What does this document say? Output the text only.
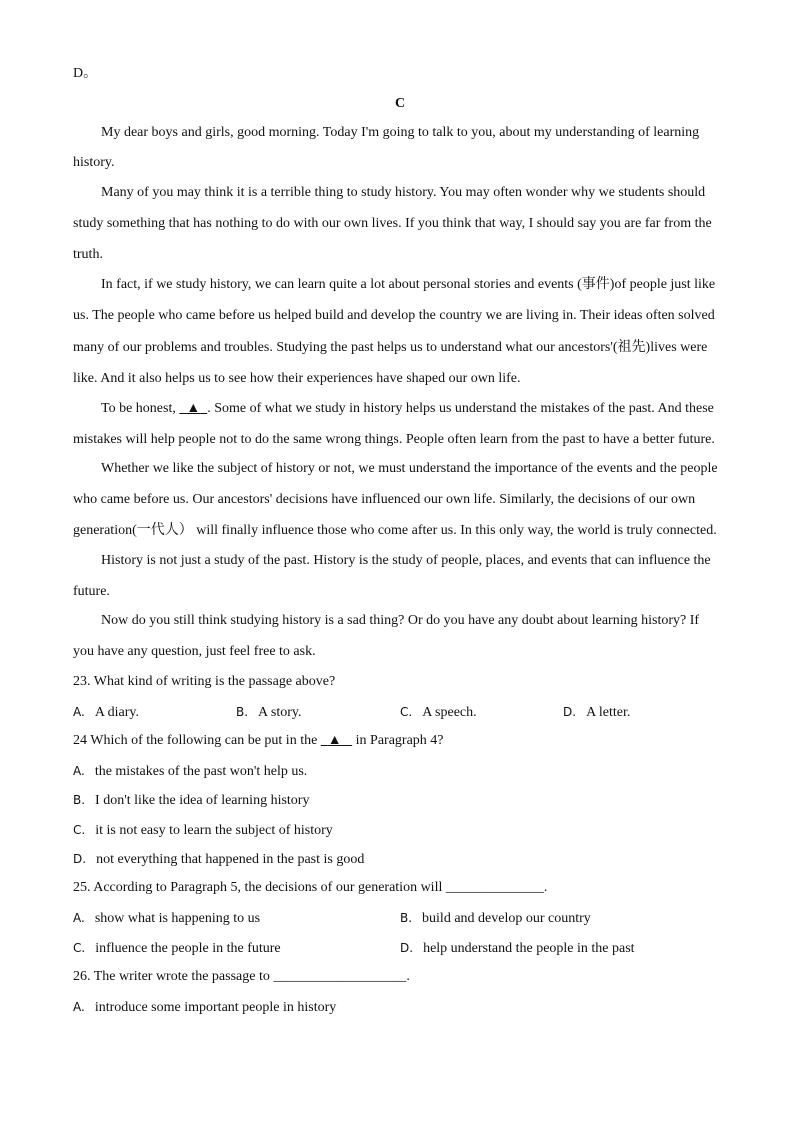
D。
C
My dear boys and girls, good morning. Today I'm going to talk to you, about my understanding of learning
history.
Many of you may think it is a terrible thing to study history. You may often wonder why we students should
study something that has nothing to do with our own lives. If you think that way, I should say you are far from the
truth.
In fact, if we study history, we can learn quite a lot about personal stories and events (事件)of people just like
us. The people who came before us helped build and develop the country we are living in. Their ideas often solved
many of our problems and troubles. Studying the past helps us to understand what our ancestors'(祖先)lives were
like. And it also helps us to see how their experiences have shaped our own life.
To be honest, ▲ . Some of what we study in history helps us understand the mistakes of the past. And these
mistakes will help people not to do the same wrong things. People often learn from the past to have a better future.
Whether we like the subject of history or not, we must understand the importance of the events and the people
who came before us. Our ancestors' decisions have influenced our own life. Similarly, the decisions of our own
generation(一代人） will finally influence those who come after us. In this only way, the world is truly connected.
History is not just a study of the past. History is the study of people, places, and events that can influence the
future.
Now do you still think studying history is a sad thing? Or do you have any doubt about learning history? If
you have any question, just feel free to ask.
23. What kind of writing is the passage above?
A. A diary.	B. A story.	C. A speech.	D. A letter.
24 Which of the following can be put in the ▲ in Paragraph 4?
A. the mistakes of the past won't help us.
B. I don't like the idea of learning history
C. it is not easy to learn the subject of history
D. not everything that happened in the past is good
25. According to Paragraph 5, the decisions of our generation will ______________.
A. show what is happening to us	B. build and develop our country
C. influence the people in the future	D. help understand the people in the past
26. The writer wrote the passage to ___________________.
A. introduce some important people in history
